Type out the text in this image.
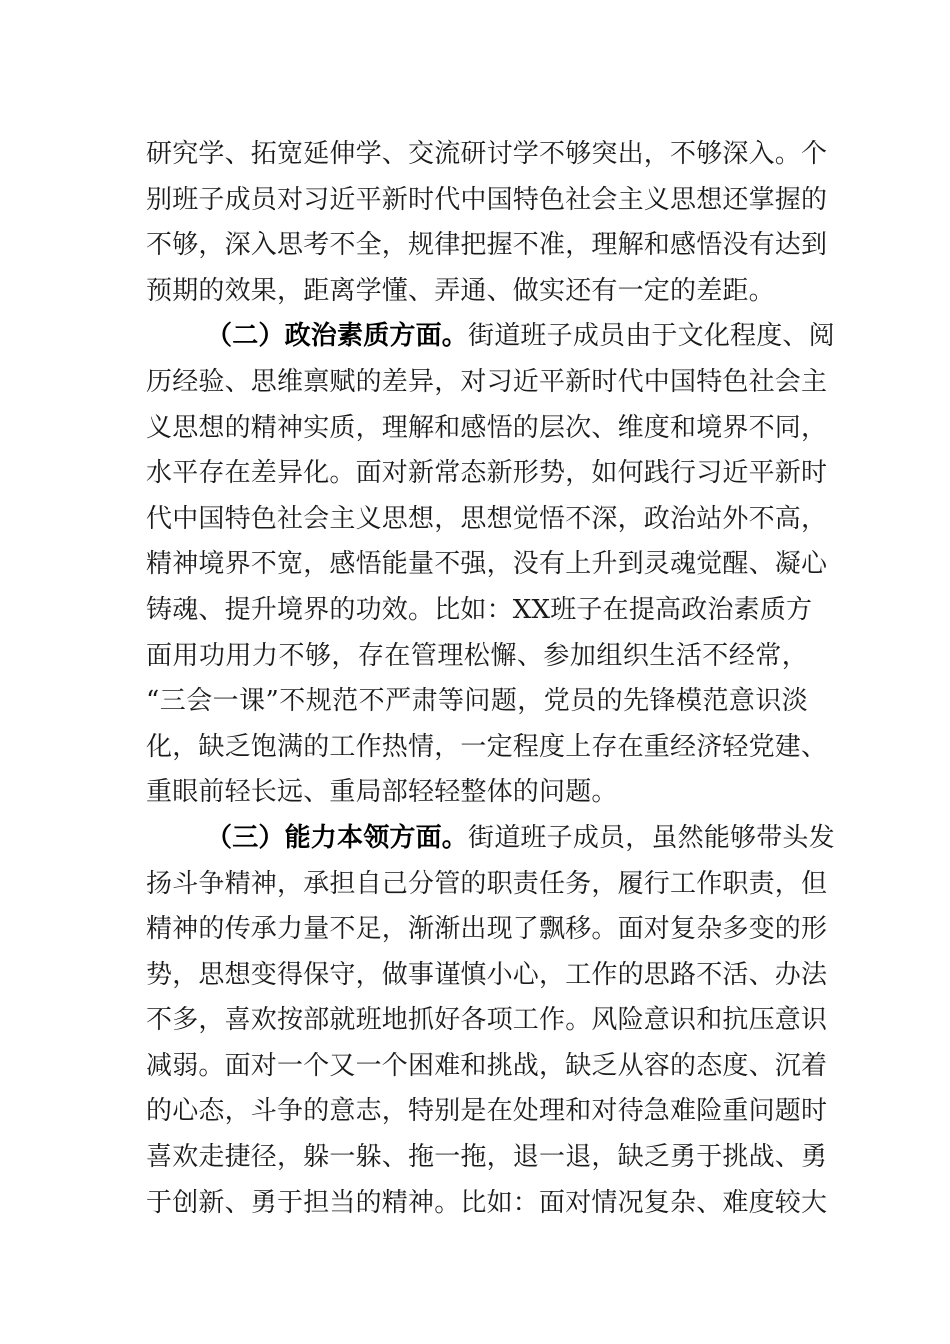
研究学、拓宽延伸学、交流研讨学不够突出，不够深入。个
别班子成员对习近平新时代中国特色社会主义思想还掌握的
不够，深入思考不全，规律把握不准，理解和感悟没有达到
预期的效果，距离学懂、弄通、做实还有一定的差距。
（二）政治素质方面。街道班子成员由于文化程度、阅
历经验、思维禀赋的差异，对习近平新时代中国特色社会主
义思想的精神实质，理解和感悟的层次、维度和境界不同，
水平存在差异化。面对新常态新形势，如何践行习近平新时
代中国特色社会主义思想，思想觉悟不深，政治站外不高，
精神境界不宽，感悟能量不强，没有上升到灵魂觉醒、凝心
铸魂、提升境界的功效。比如：XX班子在提高政治素质方
面用功用力不够，存在管理松懈、参加组织生活不经常，
“三会一课”不规范不严肃等问题，党员的先锋模范意识淡
化，缺乏饱满的工作热情，一定程度上存在重经济轻党建、
重眼前轻长远、重局部轻轻整体的问题。
（三）能力本领方面。街道班子成员，虽然能够带头发
扬斗争精神，承担自己分管的职责任务，履行工作职责，但
精神的传承力量不足，渐渐出现了飘移。面对复杂多变的形
势，思想变得保守，做事谨慎小心，工作的思路不活、办法
不多，喜欢按部就班地抓好各项工作。风险意识和抗压意识
减弱。面对一个又一个困难和挑战，缺乏从容的态度、沉着
的心态，斗争的意志，特别是在处理和对待急难险重问题时
喜欢走捷径，躲一躲、拖一拖，退一退，缺乏勇于挑战、勇
于创新、勇于担当的精神。比如：面对情况复杂、难度较大
